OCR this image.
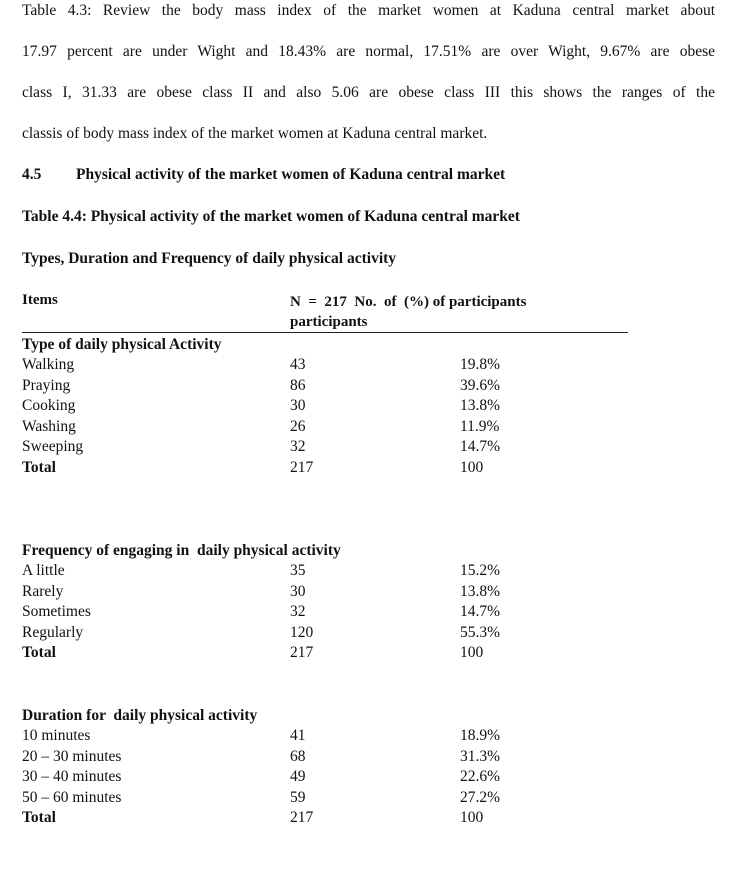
Table 4.3: Review the body mass index of the market women at Kaduna central market about
17.97 percent are under Wight and 18.43% are normal, 17.51% are over Wight, 9.67% are obese
class I, 31.33 are obese class II and also 5.06 are obese class III this shows the ranges of the
classis of body mass index of the market women at Kaduna central market.

4.5 Physical activity of the market women of Kaduna central market

Table 4.4: Physical activity of the market women of Kaduna central market

Types, Duration and Frequency of daily physical activity

Items	N  =  217  No.  of  (%) of participants
participants

Type of daily physical Activity

Walking	43	19.8%
Praying	86	39.6%
Cooking	30	13.8%
Washing	26	11.9%
Sweeping	32	14.7%
Total	217	100

Frequency of engaging in  daily physical activity

A little	35	15.2%
Rarely	30	13.8%
Sometimes	32	14.7%
Regularly	120	55.3%
Total	217	100

Duration for  daily physical activity

10 minutes	41	18.9%
20 – 30 minutes	68	31.3%
30 – 40 minutes	49	22.6%
50 – 60 minutes	59	27.2%
Total	217	100
